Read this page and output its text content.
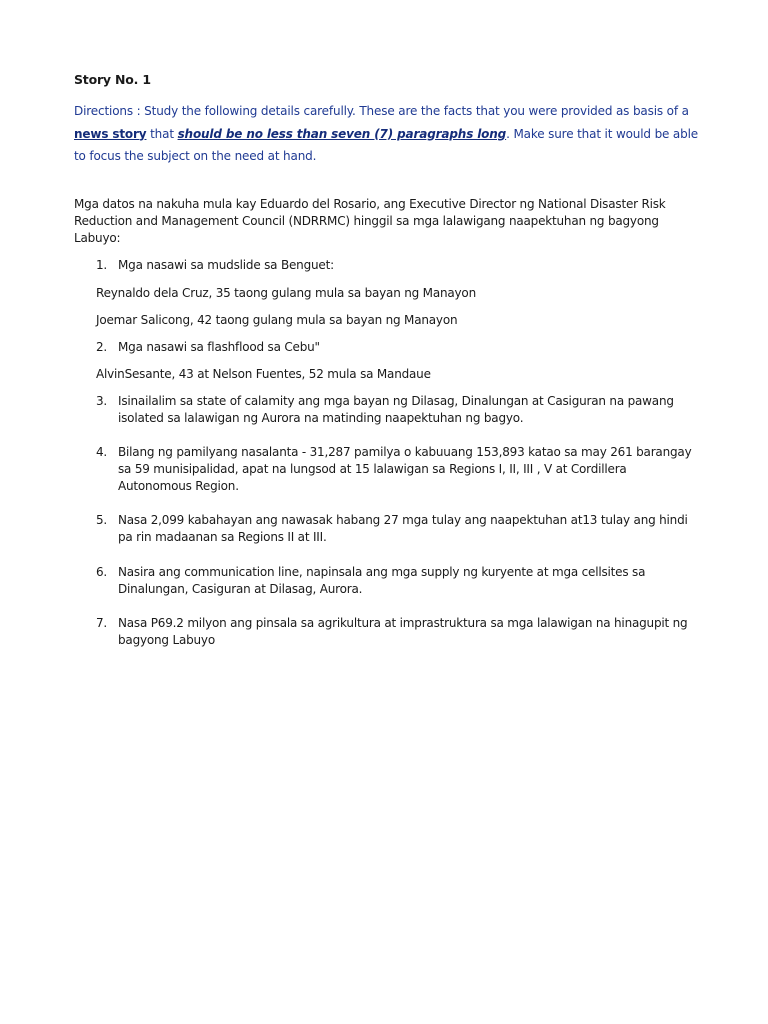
Story No. 1
Directions : Study the following details carefully. These are the facts that you were provided as basis of a news story that should be no less than seven (7) paragraphs long. Make sure that it would be able to focus the subject on the need at hand.
Mga datos na nakuha mula kay Eduardo del Rosario, ang Executive Director ng National Disaster Risk Reduction and Management Council (NDRRMC) hinggil sa mga lalawigang naapektuhan ng bagyong Labuyo:
1. Mga nasawi sa mudslide sa Benguet:
Reynaldo dela Cruz, 35 taong gulang mula sa bayan ng Manayon
Joemar Salicong, 42 taong gulang mula sa bayan ng Manayon
2. Mga nasawi sa flashflood sa Cebu"
AlvinSesante, 43 at Nelson Fuentes, 52 mula sa Mandaue
3. Isinailalim sa state of calamity ang mga bayan ng Dilasag, Dinalungan at Casiguran na pawang isolated sa lalawigan ng Aurora na matinding naapektuhan ng bagyo.
4. Bilang ng pamilyang nasalanta - 31,287 pamilya o kabuuang 153,893 katao sa may 261 barangay sa 59 munisipalidad, apat na lungsod at 15 lalawigan sa Regions I, II, III , V at Cordillera Autonomous Region.
5. Nasa 2,099 kabahayan ang nawasak habang 27 mga tulay ang naapektuhan at13 tulay ang hindi pa rin madaanan sa Regions II at III.
6. Nasira ang communication line, napinsala ang mga supply ng kuryente at mga cellsites sa Dinalungan, Casiguran at Dilasag, Aurora.
7. Nasa P69.2 milyon ang pinsala sa agrikultura at imprastruktura sa mga lalawigan na hinagupit ng bagyong Labuyo
